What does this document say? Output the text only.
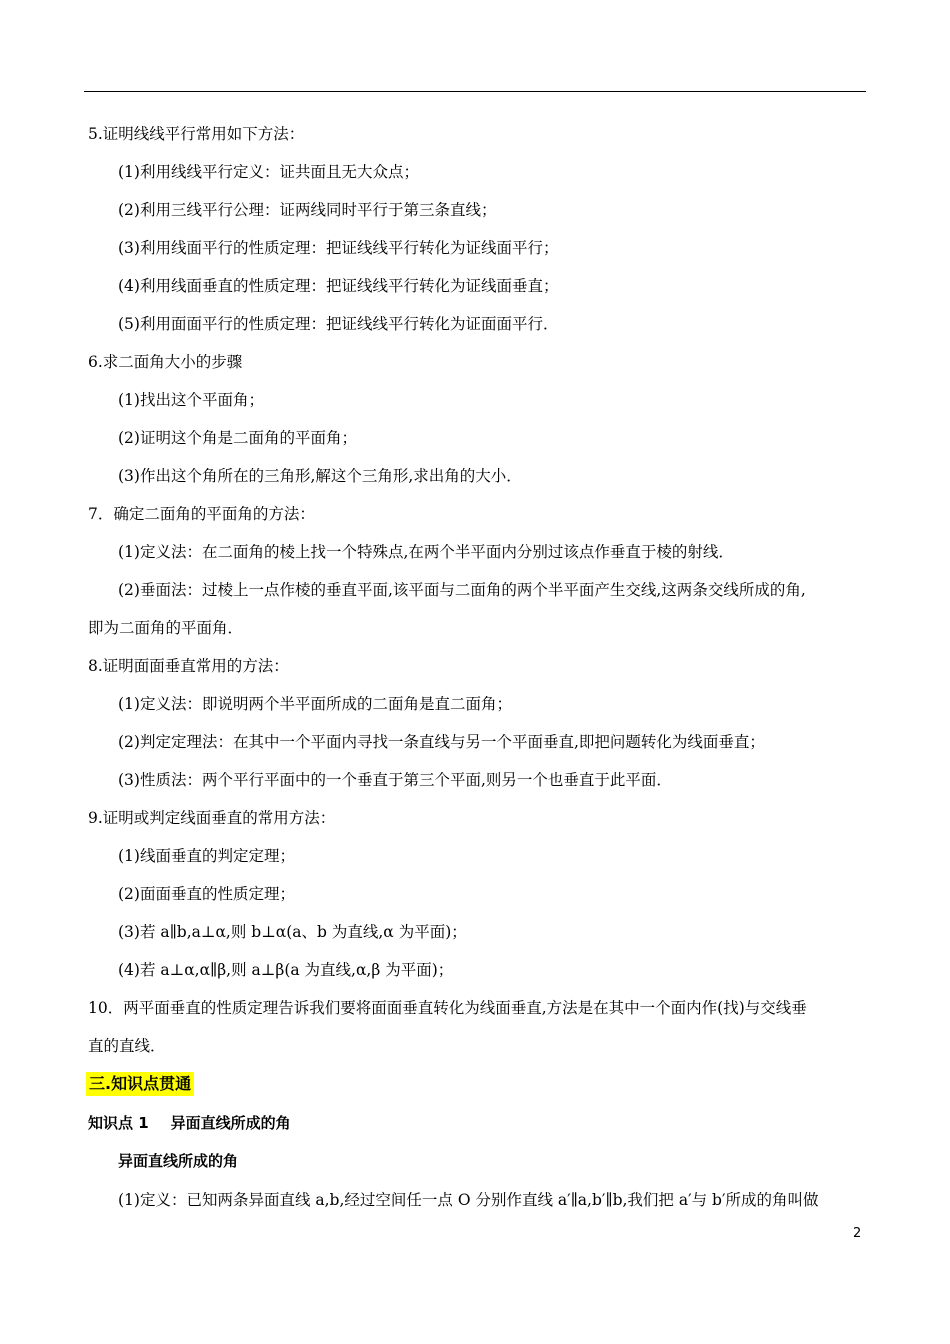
5.证明线线平行常用如下方法：
(1)利用线线平行定义：证共面且无大众点；
(2)利用三线平行公理：证两线同时平行于第三条直线；
(3)利用线面平行的性质定理：把证线线平行转化为证线面平行；
(4)利用线面垂直的性质定理：把证线线平行转化为证线面垂直；
(5)利用面面平行的性质定理：把证线线平行转化为证面面平行．
6.求二面角大小的步骤
(1)找出这个平面角；
(2)证明这个角是二面角的平面角；
(3)作出这个角所在的三角形,解这个三角形,求出角的大小．
7．确定二面角的平面角的方法：
(1)定义法：在二面角的棱上找一个特殊点,在两个半平面内分别过该点作垂直于棱的射线．
(2)垂面法：过棱上一点作棱的垂直平面,该平面与二面角的两个半平面产生交线,这两条交线所成的角,
即为二面角的平面角．
8.证明面面垂直常用的方法：
(1)定义法：即说明两个半平面所成的二面角是直二面角；
(2)判定定理法：在其中一个平面内寻找一条直线与另一个平面垂直,即把问题转化为线面垂直；
(3)性质法：两个平行平面中的一个垂直于第三个平面,则另一个也垂直于此平面．
9.证明或判定线面垂直的常用方法：
(1)线面垂直的判定定理；
(2)面面垂直的性质定理；
(3)若 a∥b,a⊥α,则 b⊥α(a、b 为直线,α 为平面)；
(4)若 a⊥α,α∥β,则 a⊥β(a 为直线,α,β 为平面)；
10．两平面垂直的性质定理告诉我们要将面面垂直转化为线面垂直,方法是在其中一个面内作(找)与交线垂
直的直线．
三.知识点贯通
知识点 1 异面直线所成的角
异面直线所成的角
(1)定义：已知两条异面直线 a,b,经过空间任一点 O 分别作直线 a′∥a,b′∥b,我们把 a′与 b′所成的角叫做
2
